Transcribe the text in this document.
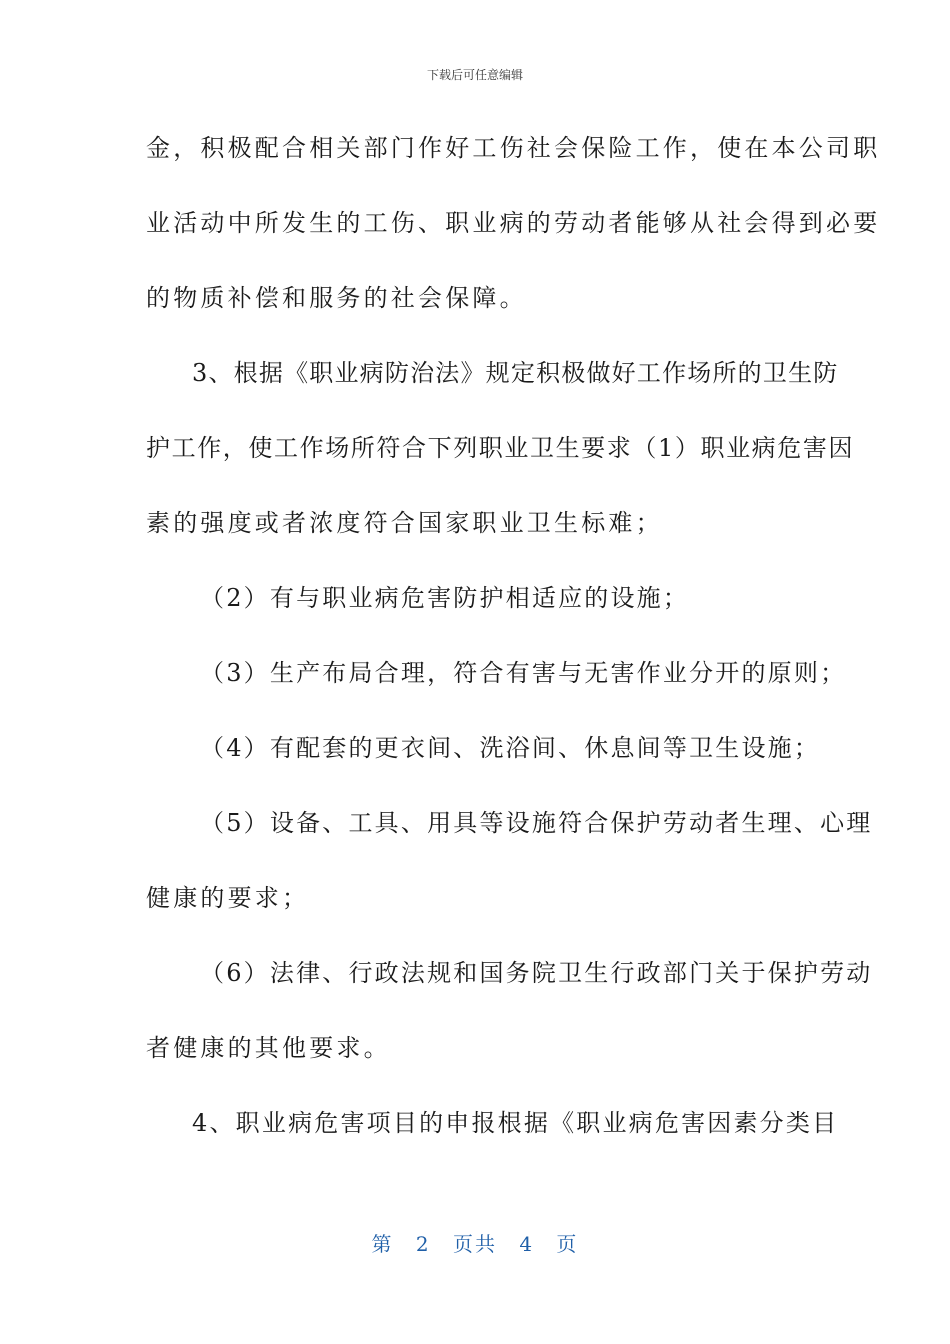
下载后可任意编辑
金，积极配合相关部门作好工伤社会保险工作，使在本公司职
业活动中所发生的工伤、职业病的劳动者能够从社会得到必要
的物质补偿和服务的社会保障。
3、根据《职业病防治法》规定积极做好工作场所的卫生防
护工作，使工作场所符合下列职业卫生要求（1）职业病危害因
素的强度或者浓度符合国家职业卫生标难；
（2）有与职业病危害防护相适应的设施；
（3）生产布局合理，符合有害与无害作业分开的原则；
（4）有配套的更衣间、洗浴间、休息间等卫生设施；
（5）设备、工具、用具等设施符合保护劳动者生理、心理
健康的要求；
（6）法律、行政法规和国务院卫生行政部门关于保护劳动
者健康的其他要求。
4、职业病危害项目的申报根据《职业病危害因素分类目
第 2 页共 4 页
